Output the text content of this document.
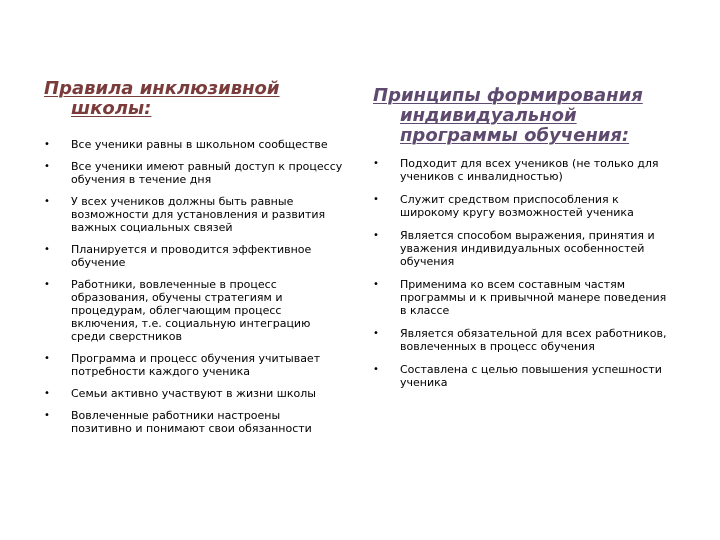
Правила инклюзивной
школы:
• Все ученики равны в школьном сообществе
• Все ученики имеют равный доступ к процессу обучения в течение дня
• У всех учеников должны быть равные возможности для установления и развития важных социальных связей
• Планируется и проводится эффективное обучение
• Работники, вовлеченные в процесс образования, обучены стратегиям и процедурам, облегчающим процесс включения, т.е. социальную интеграцию среди сверстников
• Программа и процесс обучения учитывает потребности каждого ученика
• Семьи активно участвуют в жизни школы
• Вовлеченные работники настроены позитивно и понимают свои обязанности
Принципы формирования
индивидуальной
программы обучения:
• Подходит для всех учеников (не только для учеников с инвалидностью)
• Служит средством приспособления к широкому кругу возможностей ученика
• Является способом выражения, принятия и уважения индивидуальных особенностей обучения
• Применима ко всем составным частям программы и к привычной манере поведения в классе
• Является обязательной для всех работников, вовлеченных в процесс обучения
• Составлена с целью повышения успешности ученика
